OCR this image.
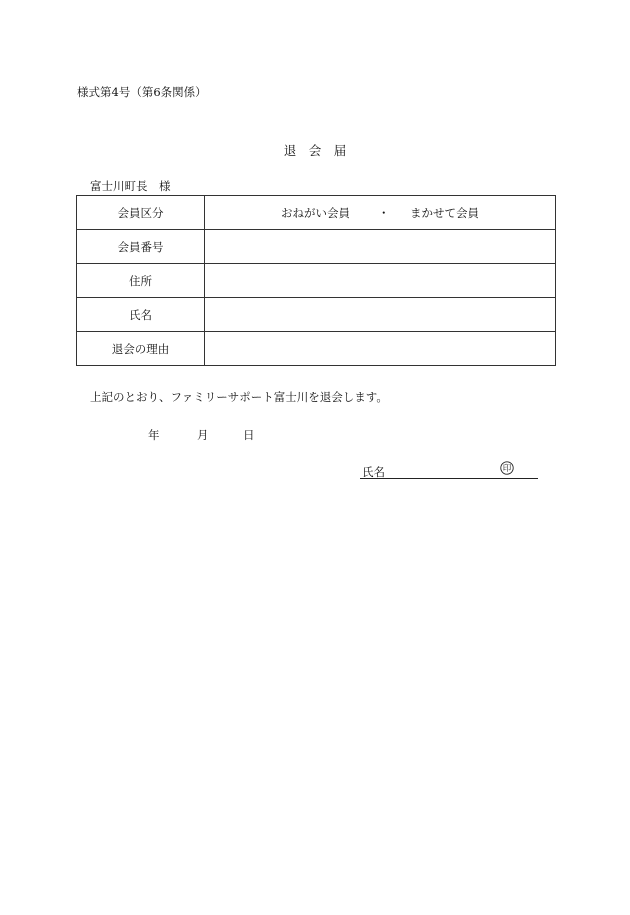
様式第4号（第6条関係）
退　会　届
富士川町長　様
会員区分	おねがい会員 ・ まかせて会員

会員番号	
住所	
氏名	
退会の理由	
上記のとおり、ファミリーサポート富士川を退会します。
年	月	日
氏名	印
